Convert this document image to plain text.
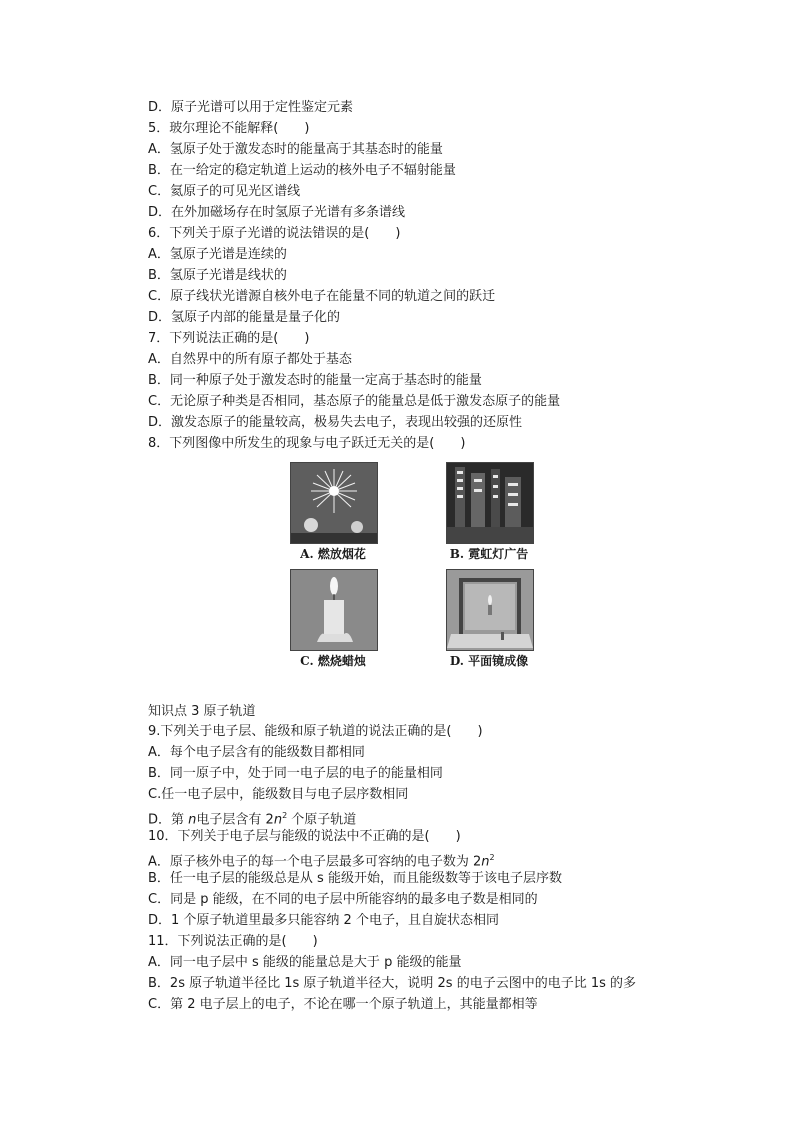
D．原子光谱可以用于定性鉴定元素
5．玻尔理论不能解释(　　)
A．氢原子处于激发态时的能量高于其基态时的能量
B．在一给定的稳定轨道上运动的核外电子不辐射能量
C．氦原子的可见光区谱线
D．在外加磁场存在时氢原子光谱有多条谱线
6．下列关于原子光谱的说法错误的是(　　)
A．氢原子光谱是连续的
B．氢原子光谱是线状的
C．原子线状光谱源自核外电子在能量不同的轨道之间的跃迁
D．氢原子内部的能量是量子化的
7．下列说法正确的是(　　)
A．自然界中的所有原子都处于基态
B．同一种原子处于激发态时的能量一定高于基态时的能量
C．无论原子种类是否相同，基态原子的能量总是低于激发态原子的能量
D．激发态原子的能量较高，极易失去电子，表现出较强的还原性
8．下列图像中所发生的现象与电子跃迁无关的是(　　)
A. 燃放烟花	B. 霓虹灯广告
C. 燃烧蜡烛	D. 平面镜成像
知识点 3 原子轨道
9.下列关于电子层、能级和原子轨道的说法正确的是(　　)
A．每个电子层含有的能级数目都相同
B．同一原子中，处于同一电子层的电子的能量相同
C.任一电子层中，能级数目与电子层序数相同
D．第 n电子层含有 $2n^2$ 个原子轨道
10．下列关于电子层与能级的说法中不正确的是(　　)
A．原子核外电子的每一个电子层最多可容纳的电子数为 $2n^2$
B．任一电子层的能级总是从 s 能级开始，而且能级数等于该电子层序数
C．同是 p 能级，在不同的电子层中所能容纳的最多电子数是相同的
D．1 个原子轨道里最多只能容纳 2 个电子，且自旋状态相同
11．下列说法正确的是(　　)
A．同一电子层中 s 能级的能量总是大于 p 能级的能量
B．2s 原子轨道半径比 1s 原子轨道半径大，说明 2s 的电子云图中的电子比 1s 的多
C．第 2 电子层上的电子，不论在哪一个原子轨道上，其能量都相等
